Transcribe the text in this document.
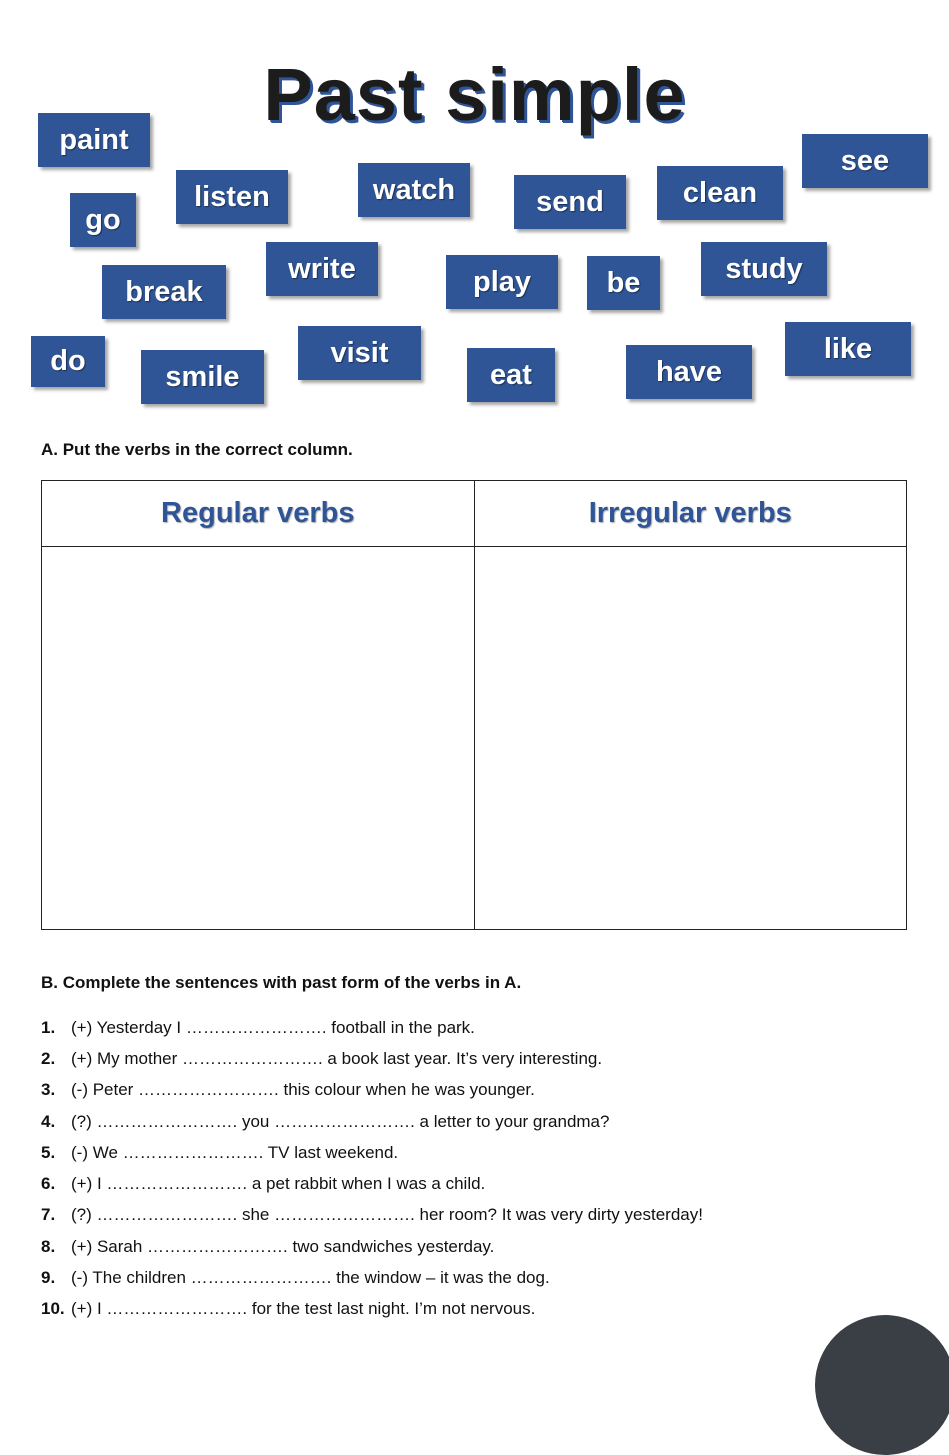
Past simple
paint
go
listen	watch	send	clean
see
break
write	play	be	study
do	smile
visit
eat	have
like
A. Put the verbs in the correct column.
Regular verbs	Irregular verbs

B. Complete the sentences with past form of the verbs in A.
1. (+) Yesterday I ……………………. football in the park.
2. (+) My mother ……………………. a book last year. It’s very interesting.
3. (-) Peter ……………………. this colour when he was younger.
4. (?) ……………………. you ……………………. a letter to your grandma?
5. (-) We ……………………. TV last weekend.
6. (+) I ……………………. a pet rabbit when I was a child.
7. (?) ……………………. she ……………………. her room? It was very dirty yesterday!
8. (+) Sarah ……………………. two sandwiches yesterday.
9. (-) The children ……………………. the window – it was the dog.
10. (+) I ……………………. for the test last night. I’m not nervous.
